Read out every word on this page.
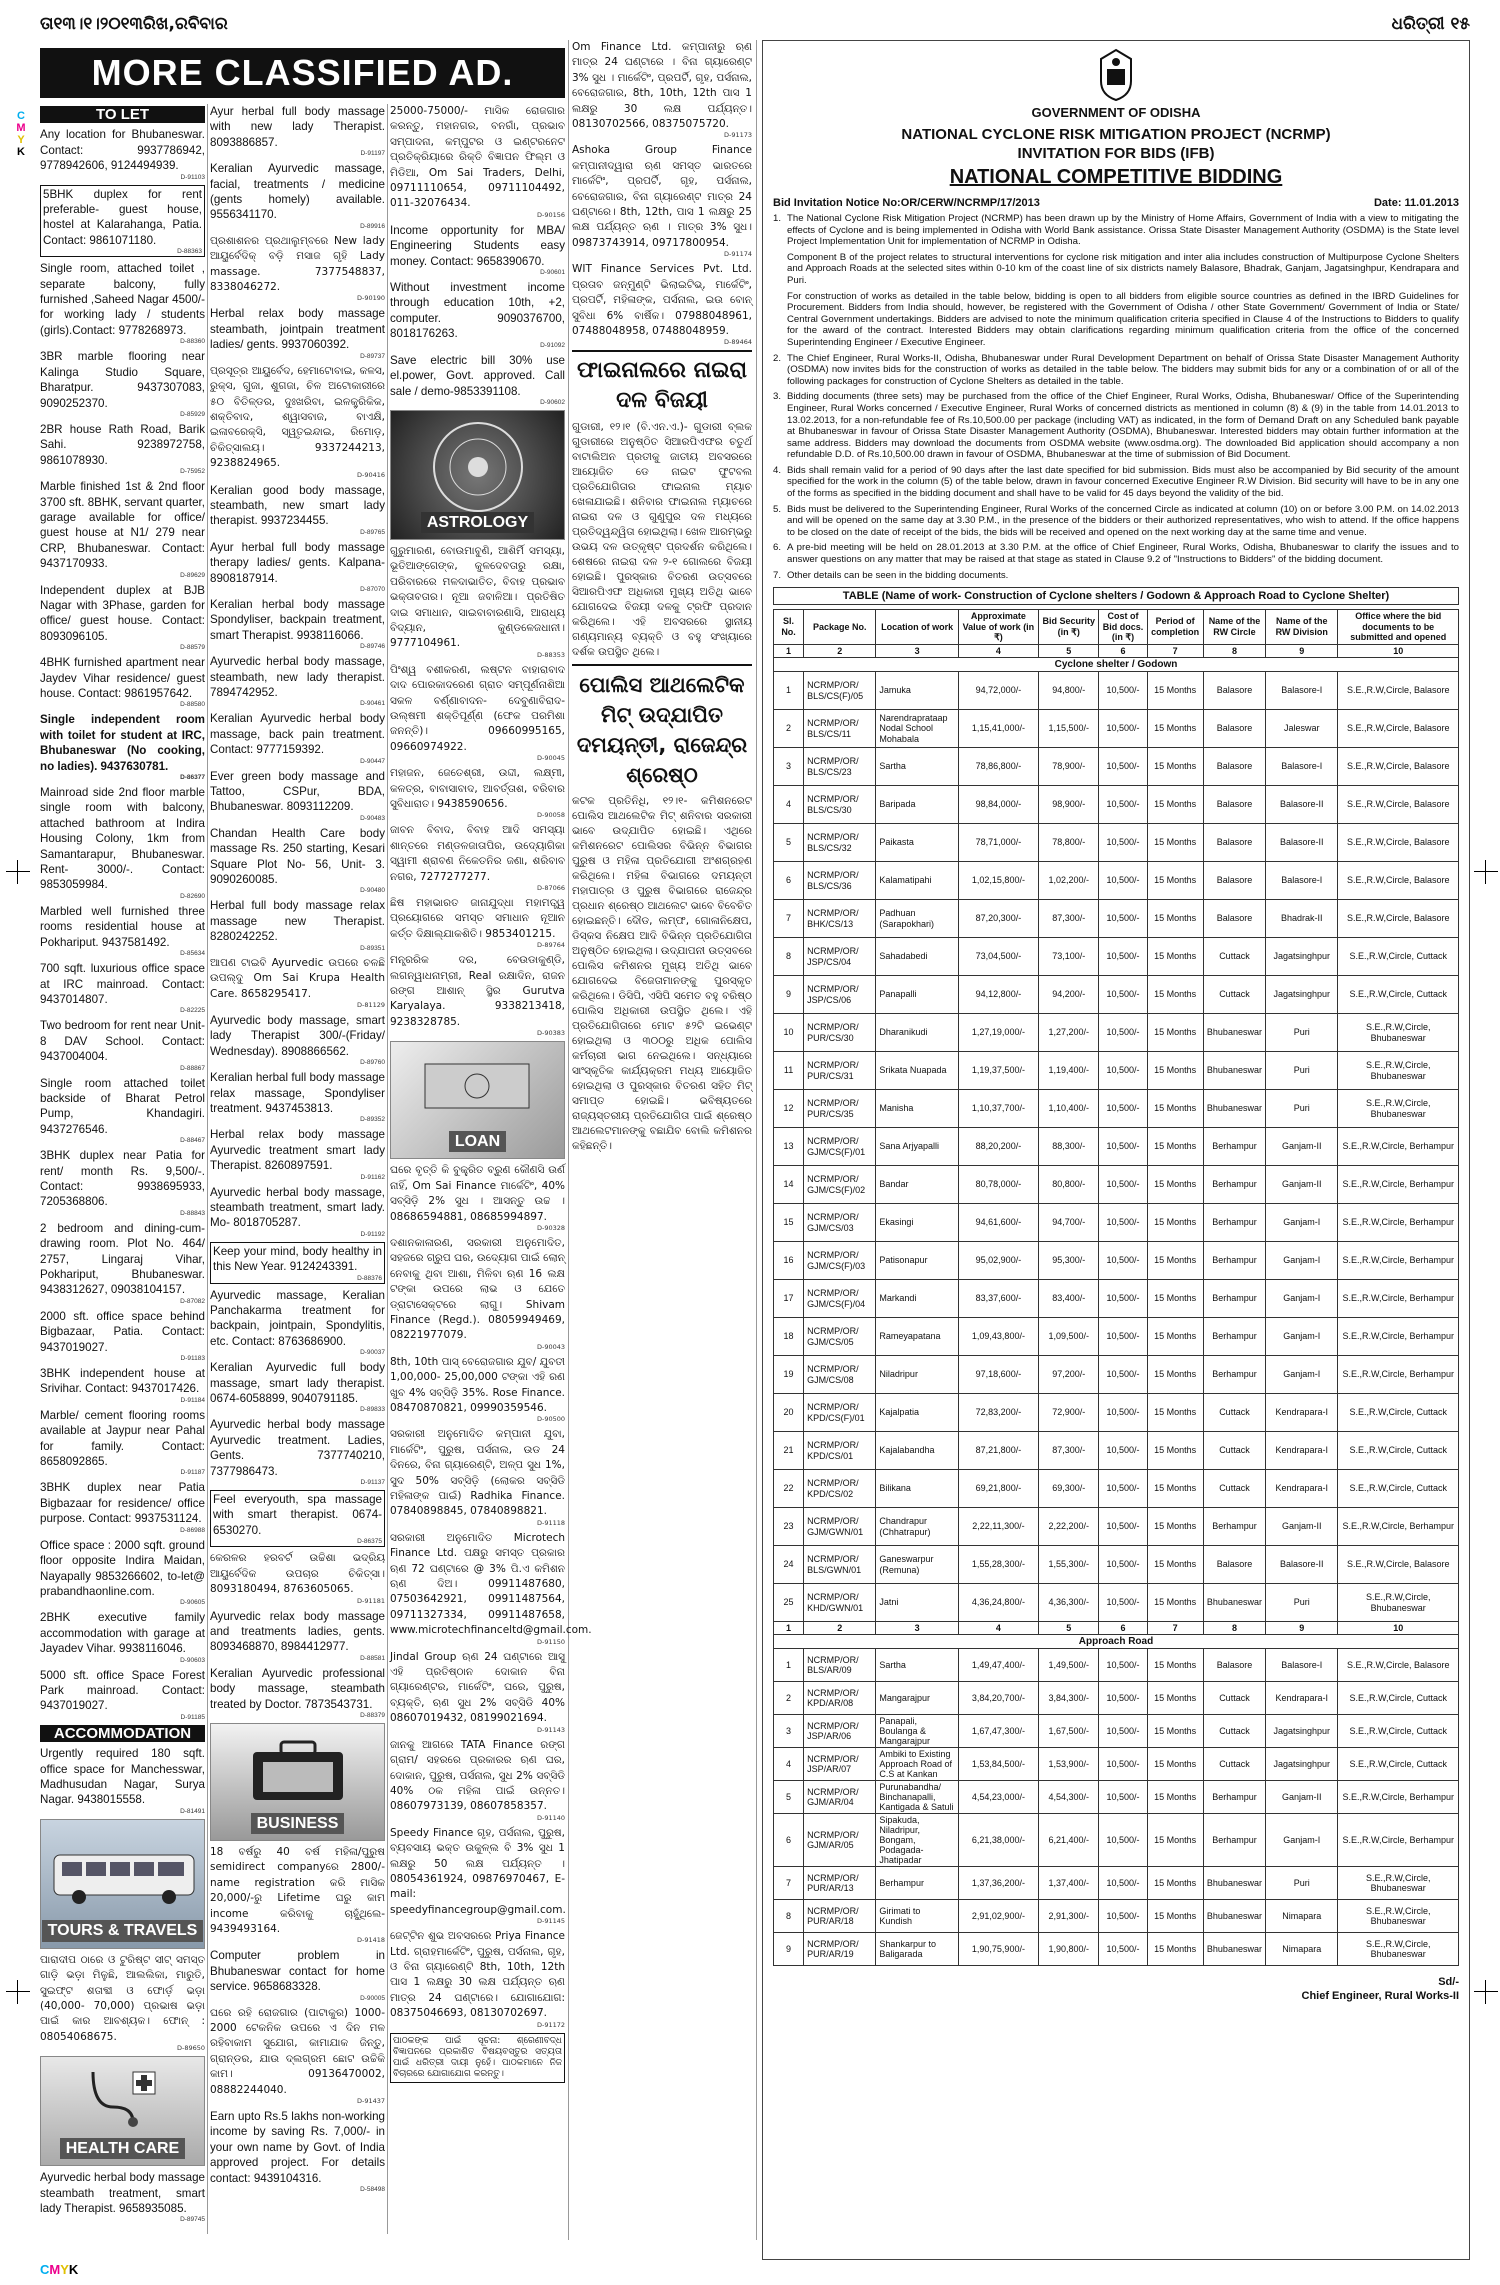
ତା୧୩।୧।୨୦୧୩ରିଖ,ରବିବାର	ଧରିତ୍ରୀ ୧୫
C
M
Y
K
CMYK
MORE CLASSIFIED AD.
TO LET
Any location for Bhubaneswar. Contact: 9937786942, 9778942606, 9124494939.
D-91103
5BHK duplex for rent preferable- guest house, hostel at Kalarahanga, Patia. Contact: 9861071180.
D-88363
Single room, attached toilet , separate balcony, fully furnished ,Saheed Nagar 4500/-for working lady / students (girls).Contact: 9778268973.
D-88360
3BR marble flooring near Kalinga Studio Square, Bharatpur. 9437307083, 9090252370.
D-85929
2BR house Rath Road, Barik Sahi. 9238972758, 9861078930.
D-75952
Marble finished 1st & 2nd floor 3700 sft. 8BHK, servant quarter, garage available for office/ guest house at N1/ 279 near CRP, Bhubaneswar. Contact: 9437170933.
D-89629
Independent duplex at BJB Nagar with 3Phase, garden for office/ guest house. Contact: 8093096105.
D-88579
4BHK furnished apartment near Jaydev Vihar residence/ guest house. Contact: 9861957642.
D-88580
Single independent room with toilet for student at IRC, Bhubaneswar (No cooking, no ladies). 9437630781.
D-86377
Mainroad side 2nd floor marble single room with balcony, attached bathroom at Indira Housing Colony, 1km from Samantarapur, Bhubaneswar. Rent- 3000/-. Contact: 9853059984.
D-82690
Marbled well furnished three rooms residential house at Pokhariput. 9437581492.
D-85634
700 sqft. luxurious office space at IRC mainroad. Contact: 9437014807.
D-82225
Two bedroom for rent near Unit-8 DAV School. Contact: 9437004004.
D-88867
Single room attached toilet backside of Bharat Petrol Pump, Khandagiri. 9437276546.
D-88467
3BHK duplex near Patia for rent/ month Rs. 9,500/-. Contact: 9938695933, 7205368806.
D-88843
2 bedroom and dining-cum-drawing room. Plot No. 464/ 2757, Lingaraj Vihar, Pokhariput, Bhubaneswar. 9438312627, 09038104157.
D-87082
2000 sft. office space behind Bigbazaar, Patia. Contact: 9437019027.
D-91183
3BHK independent house at Srivihar. Contact: 9437017426.
D-91184
Marble/ cement flooring rooms available at Jaypur near Pahal for family. Contact: 8658092865.
D-91187
3BHK duplex near Patia Bigbazaar for residence/ office purpose. Contact: 9937531124.
D-86988
Office space : 2000 sqft. ground floor opposite Indira Maidan, Nayapally 9853266602, to-let@ prabandhaonline.com.
D-90605
2BHK executive family accommodation with garage at Jayadev Vihar. 9938116046.
D-90603
5000 sft. office Space Forest Park mainroad. Contact: 9437019027.
D-91185
ACCOMMODATION
Urgently required 180 sqft. office space for Manchesswar, Madhusudan Nagar, Surya Nagar. 9438015558.
D-81491
TOURS & TRAVELS
ପାରାଦୀପ ଠାରେ ଓ ଟୁରିଷ୍ଟ ସୀଟ୍ ସମସ୍ତ ଗାଡ଼ି ଭଡ଼ା ମିଳୁଛି, ଆଲଲିକା, ମାରୁତି, ସୁଇଫ୍ଟ ଶତାବ୍ଦୀ ଓ ଫୋର୍ଡ଼ ଭଡ଼ା (40,000- 70,000) ପ୍ରଭାଷ ଭଡ଼ା ପାଇଁ କାର ଆବଶ୍ୟକ। ଫୋନ୍ : 08054068675.
D-89650
HEALTH CARE
Ayurvedic herbal body massage steambath treatment, smart lady Therapist. 9658935085.
D-89745
Ayur herbal full body massage with new lady Therapist. 8093886857.
D-91197
Keralian Ayurvedic massage, facial, treatments / medicine (gents homely) available. 9556341170.
D-89916
ପ୍ରଶାଶନର ପ୍ରଥାଲୁମ୍ବରେ New lady ଆୟୁର୍ବେଦିକ୍ ବଡ଼ି ମସାଜ ଗୃହି Lady massage. 7377548837, 8338046272.
D-90190
Herbal relax body massage steambath, jointpain treatment ladies/ gents. 9937060392.
D-89737
ପ୍ରସୂତ୍ର ଆୟୁର୍ବେଦ, ହେମାଟୋବାଇ, କଳସ, ରୁକ୍ସ, ଗୁଜା, ଶୁଗଜା, ଚିଳ ଅଟୋକାରୀରେ ୫୦ ବିତିଳ୍ଡର, ଦୁଃଖରିବା, ଇଳକ୍ଟ୍ରିକିକ, ଶକ୍ତିବାଦ, ଶ୍ୱାସବାଜ, ବାଏକ୍ଷି, ଇଳାବରେକ୍ସି, ସ୍ୱୃତଇନ୍ଦାଇ, ରିମୋଡ଼, ଚିକିତ୍ସାଲୟ। 9337244213, 9238824965.
D-90416
Keralian good body massage, steambath, new smart lady therapist. 9937234455.
D-89765
Ayur herbal full body massage therapy ladies/ gents. Kalpana- 8908187914.
D-87070
Keralian herbal body massage Spondyliser, backpain treatment, smart Therapist. 9938116066.
D-89746
Ayurvedic herbal body massage, steambath, new lady therapist. 7894742952.
D-90461
Keralian Ayurvedic herbal body massage, back pain treatment. Contact: 9777159392.
D-90447
Ever green body massage and Tattoo, CSPur, BDA, Bhubaneswar. 8093112209.
D-90483
Chandan Health Care body massage Rs. 250 starting, Kesari Square Plot No- 56, Unit- 3. 9090260085.
D-90480
Herbal full body massage relax massage new Therapist. 8280242252.
D-89351
ଆପଣ ଟାଇବି Ayurvedic ଉପରେ ଚଳଛି ଉପଲ୍ଦୁ Om Sai Krupa Health Care. 8658295417.
D-81129
Ayurvedic body massage, smart lady Therapist 300/-(Friday/ Wednesday). 8908866562.
D-89760
Keralian herbal full body massage relax massage, Spondyliser treatment. 9437453813.
D-89352
Herbal relax body massage Ayurvedic treatment smart lady Therapist. 8260897591.
D-91162
Ayurvedic herbal body massage, steambath treatment, smart lady. Mo- 8018705287.
D-91192
Keep your mind, body healthy in this New Year. 9124243391.
D-88376
Ayurvedic massage, Keralian Panchakarma treatment for backpain, jointpain, Spondylitis, etc. Contact: 8763686900.
D-90037
Keralian Ayurvedic full body massage, smart lady therapist. 0674-6058899, 9040791185.
D-89833
Ayurvedic herbal body massage Ayurvedic treatment. Ladies, Gents. 7377740210, 7377986473.
D-91137
Feel everyouth, spa massage with smart therapist. 0674-6530270.
D-86375
କେରଳର ହରବର୍ଟ ଉଚ୍ଚିଶା ଭଦ୍ରିୟ ଆୟୁର୍ବେଦିକ ଉପଚାର ଚିକିତ୍ସା। 8093180494, 8763605065.
D-91181
Ayurvedic relax body massage and treatments ladies, gents. 8093468870, 8984412977.
D-88581
Keralian Ayurvedic professional body massage, steambath treated by Doctor. 7873543731.
D-88379
BUSINESS
18 ବର୍ଷରୁ 40 ବର୍ଷ ମହିଳା/ପୁରୁଷ semidirect companyରେ 2800/- name registration କରି ମାସିକ 20,000/-ରୁ Lifetime ଘରୁ କାମ income କରିବାକୁ ଚାହୁଁଥିଲେ- 9439493164.
D-91418
Computer problem in Bhubaneswar contact for home service. 9658683328.
D-90005
ଘରେ ରହି ରୋଜଗାର (ପାଟାକୁର) 1000-2000 ଟେକନିକ ଉପରେ ଏ ଦିନ ମଳ ରହିବାକାମ ସୁଯୋଗ, କାମାଯାକ ଜିନ୍ତୁ, ଗ୍ରାନ୍ଡର, ଯାଉ ଦ୍ଲଗ୍ରମ ଛୋଟ ଉଚ୍ଚିକି କାମ। 09136470002, 08882244040.
D-91437
Earn upto Rs.5 lakhs non-working income by saving Rs. 7,000/- in your own name by Govt. of India approved project. For details contact: 9439104316.
D-58498
25000-75000/- ମାସିକ ରୋଜଗାର କରନ୍ତୁ, ମହାନଗର, ବନଗାଁ, ପ୍ରଭାବ ସମ୍ପାଦନା, କମ୍ପୁଟର ଓ ଇଣ୍ଟରନେଟ ପ୍ରତିକ୍ରିୟାରେ ରିକ୍ତି ବିଜ୍ଞାପନ ଫିଲ୍ମ ଓ ମିଡିଆ, Om Sai Traders, Delhi, 09711110654, 09711104492, 011-32076434.
D-90156
Income opportunity for MBA/ Engineering Students easy money. Contact: 9658390670.
D-90601
Without investment income through education 10th, +2, computer. 9090376700, 8018176263.
D-91092
Save electric bill 30% use el.power, Govt. approved. Call sale / demo-9853391108.
D-90602
ASTROLOGY
ଗୁରୁମାରଣ, ବୋଉମାବୁଣି, ଆଶିର୍ମି ସମସ୍ୟା, ଭୂତିଆଙ୍ଗେଙ୍କ, କୁଳଦେବତାରୁ ରକ୍ଷା, ପରିବାରରେ ମଳଦାଭାତିତ, ବିବାହ ପ୍ରଭାବ ଭକ୍ତାବତାର। ନୂଆ ଜବାଳିଆ। ପ୍ରତିଷିତ ଦାଇ ସମାଧାନ, ସାଇବାବାରଣାସି, ଆରାଧ୍ୟ ବିଦ୍ୟାନ, କୁଣ୍ଡଳେଜଧାନୀ। 9777104961.
D-88353
ପିଂଶ୍ୱ ବଶୀକରଣ, ଲଷ୍ଟନ ବାହାରାବାଦ ଦାଦ ପୋରକାଦରେଣ ଗ୍ରାତ ସମ୍ପୂର୍ଣନାଶିଆ ସକଳ ବର୍ଣ୍ଣାବାଦନ- ଦେବୁଣାବିରାଦ- ଉଲ୍ଷମୀ ଶକ୍ତିପୂର୍ଣ୍ଣ (ଫେକ ପରମିଶା ଜନନ୍ତି)। 09660995165, 09660974922.
D-90045
ମହାଜନ, ଜେତେଶ୍ରୀ, ଉଦ୍ଦୀ, ଲକ୍ଷ୍ମୀ, କଳତ୍ର, ବାବାସାବାଦ, ଆବର୍ତ୍ତାଶ, ବରିବାର ସୁବିଧାରାତ। 9438590656.
D-90058
ଜାବନ ବିବାଦ, ବିବାହ ଆଦି ସମସ୍ୟା ଶାନ୍ତରେ ମଣ୍ଡଳଜାତାପିର, ଉଦ୍ୟୋଗିକା ସ୍ୱାମୀ ଶ୍ରାବଣ ନିକେତନିର ଜଣା, ଶରିବାବ ନଗର, 7277277277.
D-87066
ଛିଷ ମହାଭାରତ ଜାନାଯୁଦ୍ଧା ମହାମତ୍ତ୍ୱ ପ୍ରୟୋଗରେ ସମସ୍ତ ସମାଧାନ ନୂଆନ କର୍ତ୍ତ ଦିକ୍ଷାଲ୍ଯାକଶିତି। 9853401215.
D-89764
ମନ୍ତ୍ରରିକ ଦର, ବେଉଡାକୁଣ୍ଡି, ଲଗନ୍ୱାଧନାମ୍ରୀ, Real ରକ୍ଷାଦିନ, ରାଜନ ରଙ୍ଗ ଆଶାନ୍ ସ୍ଥିର Gurutva Karyalaya. 9338213418, 9238328785.
D-90383
LOAN
ଘରେ ବୃତ୍ତି କି ବୁକ୍ତ୍ରିତ ବ୍ରୁଣ କୌଣସି ଉର୍ଣ ନାହିଁ, Om Sai Finance ମାର୍କେଟିଂ, 40% ସବ୍ସିଡ଼ି 2% ସୁଧ । ଆସନ୍ତୁ ଉଚ୍ଚ । 08686594881, 08685994897.
D-90328
ଦଶାନକାଳାରଣ, ସରକାରୀ ଅନୁମୋଦିତ, ସହଜରେ ଗ୍ରୁପ ଘର, ଉଦ୍ୟୋଗ ପାଇଁ ଲୋନ୍ ନେବାକୁ ଥିବା ଆଶା, ମିଳିବା ଋଣ 16 ଲକ୍ଷ ଟଙ୍କା ଉପରେ ଲାଭ ଓ ଯେତେ ଡ୍ରାଟାସେକ୍ଟରେ ଲାଗୁ। Shivam Finance (Regd.). 08059949469, 08221977079.
D-90043
8th, 10th ପାସ୍ ବେରୋଜଗାର ଯୁବ/ ଯୁବତୀ 1,00,000- 25,00,000 ଟଙ୍କା ଏହି ରଣ ଖୁବ 4% ସବ୍ସିଡ଼ି 35%. Rose Finance. 08470870821, 09990359546.
D-90500
ସରକାରୀ ଅନୁମୋଦିତ କମ୍ପାନୀ ଯୁବା, ମାର୍କେଟିଂ, ପୁରୁଷ, ପର୍ସନାଲ, ଉଡ 24 ଦିନରେ, ବିନା ଗ୍ୟାରେଣ୍ଟି, ଅଳ୍ପ ସୁଧ 1%, ସୁଦ 50% ସବ୍ସିଡ଼ି (ଲୋକର ସବ୍ସିଡି ମହିଳାଙ୍କ ପାଇଁ) Radhika Finance. 07840898845, 07840898821.
D-91118
ସରକାରୀ ଅନୁମୋଦିତ Microtech Finance Ltd. ପକ୍ଷରୁ ସମସ୍ତ ପ୍ରକାର ଋଣ 72 ଘଣ୍ଟାରେ @ 3% ପି.ଏ କମିଶନ ଋଣ ଦିଅ। 09911487680, 07503642921, 09911487564, 09711327334, 09911487658, www.microtechfinanceltd@gmail.com.
D-91150
Jindal Group ଋଣ 24 ଘଣ୍ଟାରେ ଆସୁ ଏହି ପ୍ରତିଷ୍ଠାନ ଦୋକାନ ବିନା ଗ୍ୟାରେଣ୍ଟର, ମାର୍କେଟିଂ, ଘରେ, ପୁରୁଷ, ବ୍ୟକ୍ତି, ଋଣ ସୁଧ 2% ସବ୍ସିଡି 40% 08607019432, 08199021694.
D-91143
ଜାନକୁ ଆଗରେ TATA Finance ରଙ୍ଗ ଗ୍ରାମ/ ସହରରେ ପ୍ରକାରର ଋଣ ଘର, ଦୋକାନ, ପୁରୁଷ, ପର୍ସନାଲ, ସୁଧ 2% ସବ୍ସିଡି 40% ଠକ ମହିଳା ପାଇଁ ଉନ୍ନତ। 08607973139, 08607858357.
D-91140
Speedy Finance ଗୃହ, ପର୍ସନାଲ, ପୁରୁଷ, ବ୍ୟବସାୟ ଭକ୍ତ ଉକୁଳ୍ଲ ବି 3% ସୁଧ 1 ଲକ୍ଷରୁ 50 ଲକ୍ଷ ପର୍ଯ୍ୟନ୍ତ । 08054361924, 09876970467, E-mail: speedyfinancegroup@gmail.com.
D-91145
ଜେଟ୍ଟିନ ଶୁଭ ଅବସରରେ Priya Finance Ltd. ଗ୍ରାହମାର୍କେଟିଂ, ପୁରୁଷ, ପର୍ସନାଲ, ଗୃହ, ଓ ବିନା ଗ୍ୟାରେଣ୍ଟି 8th, 10th, 12th ପାସ 1 ଲକ୍ଷରୁ 30 ଲକ୍ଷ ପର୍ଯ୍ୟନ୍ତ ଋଣ ମାତ୍ର 24 ଘଣ୍ଟାରେ। ଯୋଗାଯୋଗ: 08375046693, 08130702697.
D-91172
ପାଠକଙ୍କ ପାଇଁ ସୂଚନା: ଶ୍ରେଣୀବଦ୍ଧ ବିଜ୍ଞାପନରେ ପ୍ରକାଶିତ ବିଷୟବସ୍ତୁର ସତ୍ୟତା ପାଇଁ ଧରିତ୍ରୀ ଦାୟୀ ନୁହେଁ। ପାଠକମାନେ ନିଜ ବିଚାରରେ ଯୋଗାଯୋଗ କରନ୍ତୁ।
Om Finance Ltd. କମ୍ପାନୀରୁ ଋଣ ମାତ୍ର 24 ଘଣ୍ଟାରେ । ବିନା ଗ୍ୟାରେଣ୍ଟ 3% ସୁଧ । ମାର୍କେଟିଂ, ପ୍ରପର୍ଟି, ଗୃହ, ପର୍ସନାଲ, ବେରୋଜଗାର, 8th, 10th, 12th ପାସ 1 ଲକ୍ଷରୁ 30 ଲକ୍ଷ ପର୍ଯ୍ୟନ୍ତ। 08130702566, 08375075720.
D-91173
Ashoka Group Finance କମ୍ପାନୀଦ୍ୱାରା ଋଣ ସମସ୍ତ ଭାରତରେ ମାର୍କେଟିଂ, ପ୍ରପର୍ଟି, ଗୃହ, ପର୍ସନାଲ, ବେରୋଜଗାର, ବିନା ଗ୍ୟାରେଣ୍ଟ ମାତ୍ର 24 ଘଣ୍ଟାରେ। 8th, 12th, ପାସ 1 ଲକ୍ଷରୁ 25 ଲକ୍ଷ ପର୍ଯ୍ୟନ୍ତ ଋଣ । ମାତ୍ର 3% ସୁଧ। 09873743914, 09717800954.
D-91174
WIT Finance Services Pvt. Ltd. ପ୍ରତାବ ଜନ୍ମୁଣ୍ଟି ଭିଲାଇଟିଭ୍, ମାର୍କେଟିଂ, ପ୍ରପର୍ଟି, ମହିଳାଙ୍କ, ପର୍ସନାଲ, ଇଉ ବୋନ୍ ସୁବିଧା 6% ବାର୍ଷିକ। 07988048961, 07488048958, 07488048959.
D-89464
ଫାଇନାଲରେ ନାଇରା ଦଳ ବିଜୟୀ
ଗୁଡାରୀ, ୧୨।୧ (ବି.ଏନ.ଏ.)- ଗୁଡାରୀ ବ୍ଲକ ଗୁଡାରୀରେ ଅନୁଷ୍ଠିତ ସିଆରପିଏଫର ଚତୁର୍ଥ ବାଟାଲିଅନ ପ୍ରତୀକୁ ଜାତୀୟ ଅବସରରେ ଆୟୋଜିତ ଡେ ନାଇଟ ଫୁଟବଲ ପ୍ରତିଯୋଗିତାର ଫାଇନାଲ ମ୍ୟାଚ ଖେଳାଯାଇଛି। ଶନିବାର ଫାଇନାଲ ମ୍ୟାଚରେ ନାଇରା ଦଳ ଓ ଗୁଣୁପୁର ଦଳ ମଧ୍ୟରେ ପ୍ରତିଦ୍ୱନ୍ଦ୍ୱିତା ହୋଇଥିଲା। ଖେଳ ଆରମ୍ଭରୁ ଉଭୟ ଦଳ ଉତ୍କୃଷ୍ଟ ପ୍ରଦର୍ଶନ କରିଥିଲେ। ଶେଷରେ ନାଇରା ଦଳ ୨-୧ ଗୋଲରେ ବିଜୟୀ ହୋଇଛି। ପୁରସ୍କାର ବିତରଣ ଉତ୍ସବରେ ସିଆରପିଏଫ ଅଧିକାରୀ ମୁଖ୍ୟ ଅତିଥି ଭାବେ ଯୋଗଦେଇ ବିଜୟୀ ଦଳକୁ ଟ୍ରଫି ପ୍ରଦାନ କରିଥିଲେ। ଏହି ଅବସରରେ ସ୍ଥାନୀୟ ଗଣ୍ୟମାନ୍ୟ ବ୍ୟକ୍ତି ଓ ବହୁ ସଂଖ୍ୟାରେ ଦର୍ଶକ ଉପସ୍ଥିତ ଥିଲେ।
ପୋଲିସ ଆଥଲେଟିକ ମିଟ୍ ଉଦ୍‌ଯାପିତ ଦମୟନ୍ତୀ, ରାଜେନ୍ଦ୍ର ଶ୍ରେଷ୍ଠ
କଟକ ପ୍ରତିନିଧି, ୧୨।୧- କମିଶନରେଟ ପୋଲିସ ଆଥଲେଟିକ ମିଟ୍ ଶନିବାର ସରକାରୀ ଭାବେ ଉଦ୍‌ଯାପିତ ହୋଇଛି। ଏଥିରେ କମିଶନରେଟ ପୋଲିସର ବିଭିନ୍ନ ବିଭାଗର ପୁରୁଷ ଓ ମହିଳା ପ୍ରତିଯୋଗୀ ଅଂଶଗ୍ରହଣ କରିଥିଲେ। ମହିଳା ବିଭାଗରେ ଦମୟନ୍ତୀ ମହାପାତ୍ର ଓ ପୁରୁଷ ବିଭାଗରେ ରାଜେନ୍ଦ୍ର ପ୍ରଧାନ ଶ୍ରେଷ୍ଠ ଆଥଲେଟ ଭାବେ ବିବେଚିତ ହୋଇଛନ୍ତି। ଦୌଡ, ଲମ୍ଫ, ଗୋଳାନିକ୍ଷେପ, ଡିସ୍କସ ନିକ୍ଷେପ ଆଦି ବିଭିନ୍ନ ପ୍ରତିଯୋଗିତା ଅନୁଷ୍ଠିତ ହୋଇଥିଲା। ଉଦ୍‌ଯାପନୀ ଉତ୍ସବରେ ପୋଲିସ କମିଶନର ମୁଖ୍ୟ ଅତିଥି ଭାବେ ଯୋଗଦେଇ ବିଜେତାମାନଙ୍କୁ ପୁରସ୍କୃତ କରିଥିଲେ। ଡିସିପି, ଏସିପି ସମେତ ବହୁ ବରିଷ୍ଠ ପୋଲିସ ଅଧିକାରୀ ଉପସ୍ଥିତ ଥିଲେ। ଏହି ପ୍ରତିଯୋଗିତାରେ ମୋଟ ୫୨ଟି ଇଭେଣ୍ଟ ହୋଇଥିଲା ଓ ୩୦୦ରୁ ଅଧିକ ପୋଲିସ କର୍ମଚାରୀ ଭାଗ ନେଇଥିଲେ। ସନ୍ଧ୍ୟାରେ ସାଂସ୍କୃତିକ କାର୍ଯ୍ୟକ୍ରମ ମଧ୍ୟ ଆୟୋଜିତ ହୋଇଥିଲା ଓ ପୁରସ୍କାର ବିତରଣ ସହିତ ମିଟ୍ ସମାପ୍ତ ହୋଇଛି। ଭବିଷ୍ୟତରେ ରାଜ୍ୟସ୍ତରୀୟ ପ୍ରତିଯୋଗିତା ପାଇଁ ଶ୍ରେଷ୍ଠ ଆଥଲେଟମାନଙ୍କୁ ବଛାଯିବ ବୋଲି କମିଶନର କହିଛନ୍ତି।
GOVERNMENT OF ODISHA
NATIONAL CYCLONE RISK MITIGATION PROJECT (NCRMP)
INVITATION FOR BIDS (IFB)
NATIONAL COMPETITIVE BIDDING
Bid Invitation Notice No:OR/CERW/NCRMP/17/2013	Date: 11.01.2013
1. The National Cyclone Risk Mitigation Project (NCRMP) has been drawn up by the Ministry of Home Affairs, Government of India with a view to mitigating the effects of Cyclone and is being implemented in Odisha with World Bank assistance. Orissa State Disaster Management Authority (OSDMA) is the State level Project Implementation Unit for implementation of NCRMP in Odisha.
Component B of the project relates to structural interventions for cyclone risk mitigation and inter alia includes construction of Multipurpose Cyclone Shelters and Approach Roads at the selected sites within 0-10 km of the coast line of six districts namely Balasore, Bhadrak, Ganjam, Jagatsinghpur, Kendrapara and Puri.
For construction of works as detailed in the table below, bidding is open to all bidders from eligible source countries as defined in the IBRD Guidelines for Procurement. Bidders from India should, however, be registered with the Government of Odisha / other State Government/ Government of India or State/ Central Government undertakings. Bidders are advised to note the minimum qualification criteria specified in Clause 4 of the Instructions to Bidders to qualify for the award of the contract. Interested Bidders may obtain clarifications regarding minimum qualification criteria from the office of the concerned Superintending Engineer / Executive Engineer.
2. The Chief Engineer, Rural Works-II, Odisha, Bhubaneswar under Rural Development Department on behalf of Orissa State Disaster Management Authority (OSDMA) now invites bids for the construction of works as detailed in the table below. The bidders may submit bids for any or a combination of or all of the following packages for construction of Cyclone Shelters as detailed in the table.
3. Bidding documents (three sets) may be purchased from the office of the Chief Engineer, Rural Works, Odisha, Bhubaneswar/ Office of the Superintending Engineer, Rural Works concerned / Executive Engineer, Rural Works of concerned districts as mentioned in column (8) & (9) in the table from 14.01.2013 to 13.02.2013, for a non-refundable fee of Rs.10,500.00 per package (including VAT) as indicated, in the form of Demand Draft on any Scheduled bank payable at Bhubaneswar in favour of Orissa State Disaster Management Authority (OSDMA), Bhubaneswar. Interested bidders may obtain further information at the same address. Bidders may download the documents from OSDMA website (www.osdma.org). The downloaded Bid application should accompany a non refundable D.D. of Rs.10,500.00 drawn in favour of OSDMA, Bhubaneswar at the time of submission of Bid Document.
4. Bids shall remain valid for a period of 90 days after the last date specified for bid submission. Bids must also be accompanied by Bid security of the amount specified for the work in the column (5) of the table below, drawn in favour concerned Executive Engineer R.W Division. Bid security will have to be in any one of the forms as specified in the bidding document and shall have to be valid for 45 days beyond the validity of the bid.
5. Bids must be delivered to the Superintending Engineer, Rural Works of the concerned Circle as indicated at column (10) on or before 3.00 P.M. on 14.02.2013 and will be opened on the same day at 3.30 P.M., in the presence of the bidders or their authorized representatives, who wish to attend. If the office happens to be closed on the date of receipt of the bids, the bids will be received and opened on the next working day at the same time and venue.
6. A pre-bid meeting will be held on 28.01.2013 at 3.30 P.M. at the office of Chief Engineer, Rural Works, Odisha, Bhubaneswar to clarify the issues and to answer questions on any matter that may be raised at that stage as stated in Clause 9.2 of "Instructions to Bidders" of the bidding document.
7. Other details can be seen in the bidding documents.
TABLE (Name of work- Construction of Cyclone shelters / Godown & Approach Road to Cyclone Shelter)
Sl. No.	Package No.	Location of work	Approximate Value of work (in ₹)	Bid Security (in ₹)	Cost of Bid docs. (in ₹)	Period of completion	Name of the RW Circle	Name of the RW Division	Office where the bid documents to be submitted and opened
1	2	3	4	5	6	7	8	9	10
Cyclone shelter / Godown									
1	NCRMP/OR/ BLS/CS(F)/05	Jamuka	94,72,000/-	94,800/-	10,500/-	15 Months	Balasore	Balasore-I	S.E.,R.W,Circle, Balasore
2	NCRMP/OR/ BLS/CS/11	Narendraprataap Nodal School Mohabala	1,15,41,000/-	1,15,500/-	10,500/-	15 Months	Balasore	Jaleswar	S.E.,R.W,Circle, Balasore
3	NCRMP/OR/ BLS/CS/23	Sartha	78,86,800/-	78,900/-	10,500/-	15 Months	Balasore	Balasore-I	S.E.,R.W,Circle, Balasore
4	NCRMP/OR/ BLS/CS/30	Baripada	98,84,000/-	98,900/-	10,500/-	15 Months	Balasore	Balasore-II	S.E.,R.W,Circle, Balasore
5	NCRMP/OR/ BLS/CS/32	Paikasta	78,71,000/-	78,800/-	10,500/-	15 Months	Balasore	Balasore-II	S.E.,R.W,Circle, Balasore
6	NCRMP/OR/ BLS/CS/36	Kalamatipahi	1,02,15,800/-	1,02,200/-	10,500/-	15 Months	Balasore	Balasore-I	S.E.,R.W,Circle, Balasore
7	NCRMP/OR/ BHK/CS/13	Padhuan (Sarapokhari)	87,20,300/-	87,300/-	10,500/-	15 Months	Balasore	Bhadrak-II	S.E.,R.W,Circle, Balasore
8	NCRMP/OR/ JSP/CS/04	Sahadabedi	73,04,500/-	73,100/-	10,500/-	15 Months	Cuttack	Jagatsinghpur	S.E.,R.W,Circle, Cuttack
9	NCRMP/OR/ JSP/CS/06	Panapalli	94,12,800/-	94,200/-	10,500/-	15 Months	Cuttack	Jagatsinghpur	S.E.,R.W,Circle, Cuttack
10	NCRMP/OR/ PUR/CS/30	Dharanikudi	1,27,19,000/-	1,27,200/-	10,500/-	15 Months	Bhubaneswar	Puri	S.E.,R.W,Circle, Bhubaneswar
11	NCRMP/OR/ PUR/CS/31	Srikata Nuapada	1,19,37,500/-	1,19,400/-	10,500/-	15 Months	Bhubaneswar	Puri	S.E.,R.W,Circle, Bhubaneswar
12	NCRMP/OR/ PUR/CS/35	Manisha	1,10,37,700/-	1,10,400/-	10,500/-	15 Months	Bhubaneswar	Puri	S.E.,R.W,Circle, Bhubaneswar
13	NCRMP/OR/ GJM/CS(F)/01	Sana Arjyapalli	88,20,200/-	88,300/-	10,500/-	15 Months	Berhampur	Ganjam-II	S.E.,R.W,Circle, Berhampur
14	NCRMP/OR/ GJM/CS(F)/02	Bandar	80,78,000/-	80,800/-	10,500/-	15 Months	Berhampur	Ganjam-II	S.E.,R.W,Circle, Berhampur
15	NCRMP/OR/ GJM/CS/03	Ekasingi	94,61,600/-	94,700/-	10,500/-	15 Months	Berhampur	Ganjam-I	S.E.,R.W,Circle, Berhampur
16	NCRMP/OR/ GJM/CS(F)/03	Patisonapur	95,02,900/-	95,300/-	10,500/-	15 Months	Berhampur	Ganjam-I	S.E.,R.W,Circle, Berhampur
17	NCRMP/OR/ GJM/CS(F)/04	Markandi	83,37,600/-	83,400/-	10,500/-	15 Months	Berhampur	Ganjam-I	S.E.,R.W,Circle, Berhampur
18	NCRMP/OR/ GJM/CS/05	Rameyapatana	1,09,43,800/-	1,09,500/-	10,500/-	15 Months	Berhampur	Ganjam-I	S.E.,R.W,Circle, Berhampur
19	NCRMP/OR/ GJM/CS/08	Niladripur	97,18,600/-	97,200/-	10,500/-	15 Months	Berhampur	Ganjam-I	S.E.,R.W,Circle, Berhampur
20	NCRMP/OR/ KPD/CS(F)/01	Kajalpatia	72,83,200/-	72,900/-	10,500/-	15 Months	Cuttack	Kendrapara-I	S.E.,R.W,Circle, Cuttack
21	NCRMP/OR/ KPD/CS/01	Kajalabandha	87,21,800/-	87,300/-	10,500/-	15 Months	Cuttack	Kendrapara-I	S.E.,R.W,Circle, Cuttack
22	NCRMP/OR/ KPD/CS/02	Bilikana	69,21,800/-	69,300/-	10,500/-	15 Months	Cuttack	Kendrapara-I	S.E.,R.W,Circle, Cuttack
23	NCRMP/OR/ GJM/GWN/01	Chandrapur (Chhatrapur)	2,22,11,300/-	2,22,200/-	10,500/-	15 Months	Berhampur	Ganjam-II	S.E.,R.W,Circle, Berhampur
24	NCRMP/OR/ BLS/GWN/01	Ganeswarpur (Remuna)	1,55,28,300/-	1,55,300/-	10,500/-	15 Months	Balasore	Balasore-II	S.E.,R.W,Circle, Balasore
25	NCRMP/OR/ KHD/GWN/01	Jatni	4,36,24,800/-	4,36,300/-	10,500/-	15 Months	Bhubaneswar	Puri	S.E.,R.W,Circle, Bhubaneswar
1	2	3	4	5	6	7	8	9	10
Approach Road									
1	NCRMP/OR/ BLS/AR/09	Sartha	1,49,47,400/-	1,49,500/-	10,500/-	15 Months	Balasore	Balasore-I	S.E.,R.W,Circle, Balasore
2	NCRMP/OR/ KPD/AR/08	Mangarajpur	3,84,20,700/-	3,84,300/-	10,500/-	15 Months	Cuttack	Kendrapara-I	S.E.,R.W,Circle, Cuttack
3	NCRMP/OR/ JSP/AR/06	Panapali, Boulanga & Mangarajpur	1,67,47,300/-	1,67,500/-	10,500/-	15 Months	Cuttack	Jagatsinghpur	S.E.,R.W,Circle, Cuttack
4	NCRMP/OR/ JSP/AR/07	Ambiki to Existing Approach Road of C.S at Kankan	1,53,84,500/-	1,53,900/-	10,500/-	15 Months	Cuttack	Jagatsinghpur	S.E.,R.W,Circle, Cuttack
5	NCRMP/OR/ GJM/AR/04	Purunabandha/ Binchanapalli, Kantigada & Satuli	4,54,23,000/-	4,54,300/-	10,500/-	15 Months	Berhampur	Ganjam-II	S.E.,R.W,Circle, Berhampur
6	NCRMP/OR/ GJM/AR/05	Sipakuda, Niladripur, Bongam, Podagada-Jhatipadar	6,21,38,000/-	6,21,400/-	10,500/-	15 Months	Berhampur	Ganjam-I	S.E.,R.W,Circle, Berhampur
7	NCRMP/OR/ PUR/AR/13	Berhampur	1,37,36,200/-	1,37,400/-	10,500/-	15 Months	Bhubaneswar	Puri	S.E.,R.W,Circle, Bhubaneswar
8	NCRMP/OR/ PUR/AR/18	Girimati to Kundish	2,91,02,900/-	2,91,300/-	10,500/-	15 Months	Bhubaneswar	Nimapara	S.E.,R.W,Circle, Bhubaneswar
9	NCRMP/OR/ PUR/AR/19	Shankarpur to Baligarada	1,90,75,900/-	1,90,800/-	10,500/-	15 Months	Bhubaneswar	Nimapara	S.E.,R.W,Circle, Bhubaneswar
Sd/-
Chief Engineer, Rural Works-II
